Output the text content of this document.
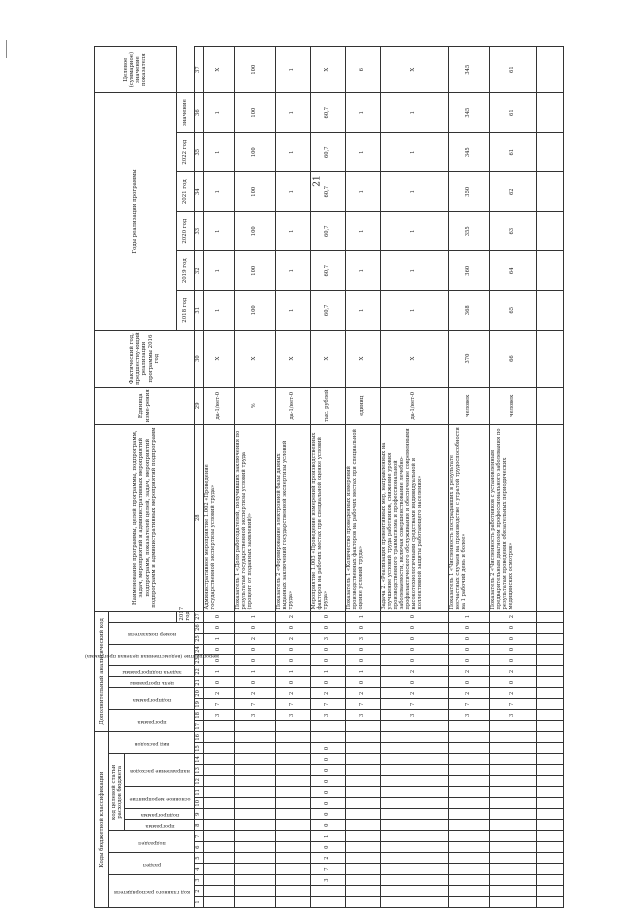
21
Коды бюджетной классификации																Дополнительный аналитический код											Наименование программы, целей программы, подпрограмм, задач, мероприятий и административных мероприятий подпрограмм, показателей целей, задач, мероприятий подпрограмм и административных мероприятий подпрограмм	Единица изме-рения	Фактический год, предшеству-ющий реализации программы 2016 год	Годы реализации программы						Целевое (суммарное) значение показателя

код главного распорядителя			раздел		подраздел		код целевой статьи расходов бюджета							вид расходов		программа		подпрограмма		цель программы	задача подпрограммы	мероприятие (ведомственная целевая программа)		номер показателя												

							программа	подпрограмма	основное мероприятие		направление расходов																									

																										2017 год				2018 год	2019 год	2020 год	2021 год	2022 год	значение	
1	2	3	4	5	6	7	8	9	10	11	12	13	14	15	16	17	18	19	20	21	22	23	24	25	26	27	28	29	30	31	32	33	34	35	36	37
																	3	7	2	0	1	0	0	1	0	0	Административное мероприятие 1.002 «Проведение государственной экспертизы условий труда»	да-1/нет-0	Х	1	1	1	1	1	1	Х
																	3	7	2	0	1	0	0	2	0	1	Показатель 1 «Доля работодателей, получивших заключения по результатам государственной экспертизы условий труда (процент от поданных заявлений)»	%	Х	100	100	100	100	100	100	100
																	3	7	2	0	1	0	0	2	0	2	Показатель 2 «Формирование электронной базы данных выданных заключений государственной экспертизы условий труда»	да-1/нет-0	Х	1	1	1	1	1	1	1
		3	7	2	0	1	0	0	0	0	0	0	0	0			3	7	2	0	1	0	0	3	0	0	Мероприятие 1.003 «Проведение измерений производственных факторов на рабочих местах при специальной оценке условий труда»	тыс. рублей	Х	60,7	60,7	60,7	60,7	60,7	60,7	Х
																	3	7	2	0	1	0	0	3	0	1	Показатель 1 «Количество проведенных измерений производственных факторов на рабочих местах при специальной оценке условий труда»	единиц	Х	1	1	1	1	1	1	6
																	3	7	2	0	2	0	0	0	0	0	Задача 2. «Реализация превентивных мер, направленных на улучшение условий труда работников, снижение уровня производственного травматизма и профессиональной заболеваемости, включая совершенствование лечебно-профилактического обслуживания и обеспечение современными высокотехнологичными средствами индивидуальной и коллективной защиты работающего населения»	да-1/нет-0	Х	1	1	1	1	1	1	Х
																	3	7	2	0	2	0	0	0	0	1	Показатель 1 «Численность пострадавших в результате несчастных случаев на производстве с утратой трудоспособности на 1 рабочий день и более»	человек	370	368	360	355	350	345	345	345
																	3	7	2	0	2	0	0	0	0	2	Показатель 2 «Численность работников с установленным предварительным диагнозом профессионального заболевания по результатам проведения обязательных периодических медицинских осмотров»	человек	66	65	64	63	62	61	61	61
